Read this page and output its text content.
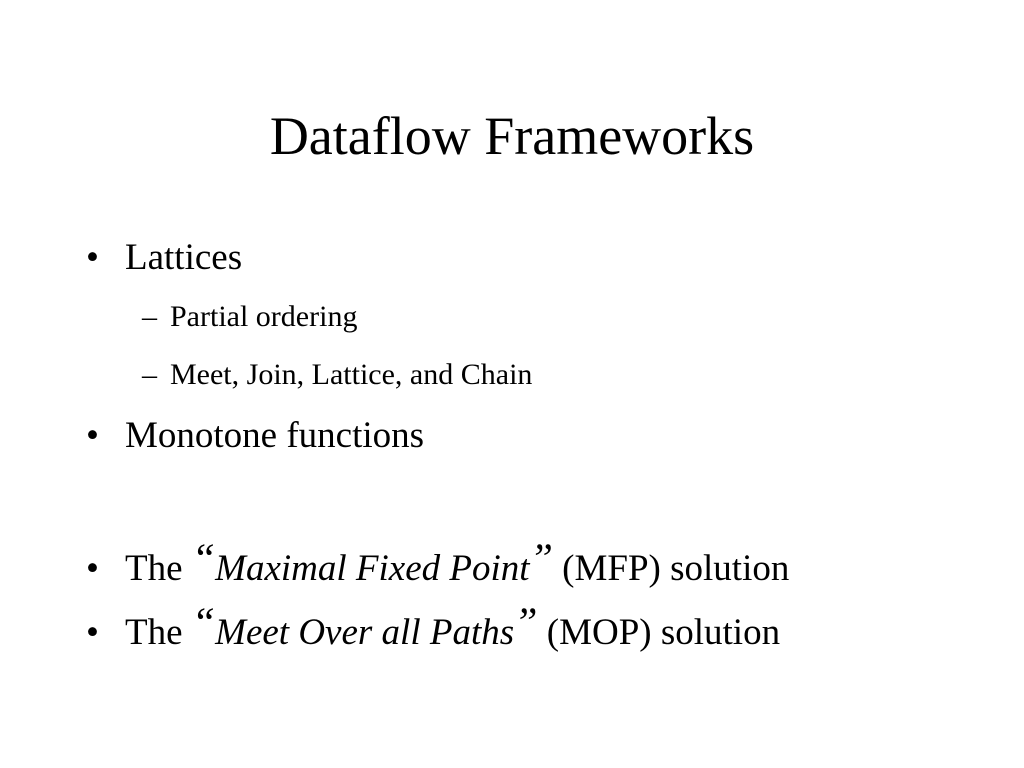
Dataflow Frameworks
• Lattices
– Partial ordering
– Meet, Join, Lattice, and Chain
• Monotone functions
• The “Maximal Fixed Point” (MFP) solution
• The “Meet Over all Paths” (MOP) solution
